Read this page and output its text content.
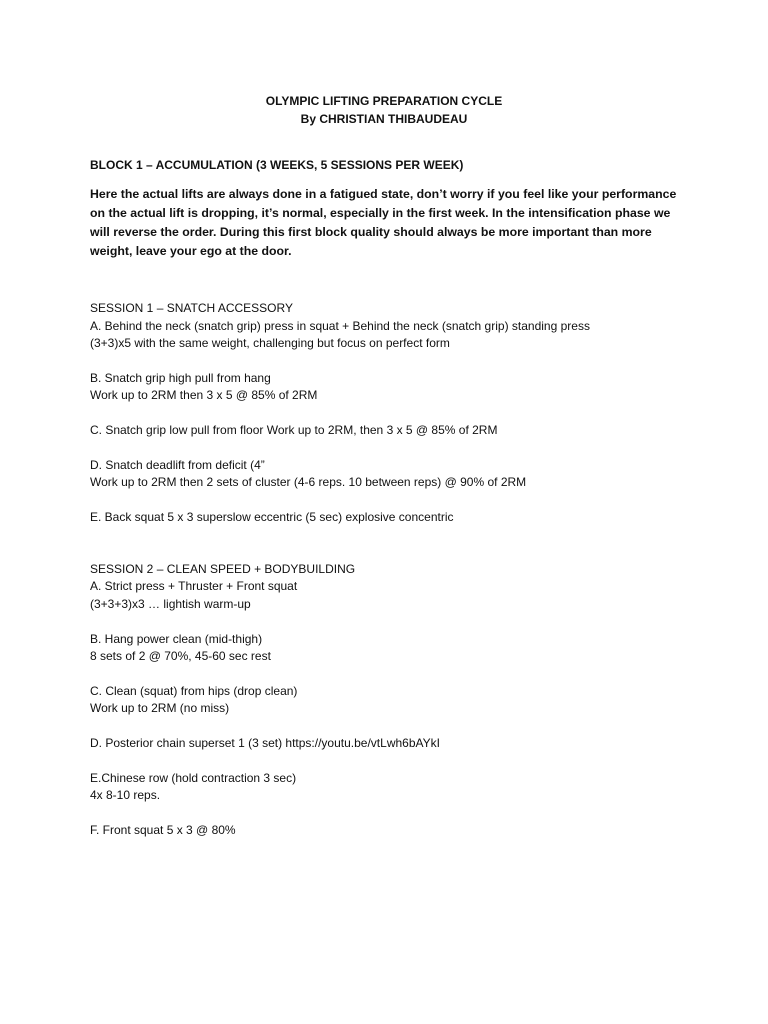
OLYMPIC LIFTING PREPARATION CYCLE
By CHRISTIAN THIBAUDEAU
BLOCK 1 – ACCUMULATION (3 WEEKS, 5 SESSIONS PER WEEK)
Here the actual lifts are always done in a fatigued state, don’t worry if you feel like your performance
on the actual lift is dropping, it’s normal, especially in the first week. In the intensification phase we
will reverse the order. During this first block quality should always be more important than more
weight, leave your ego at the door.
SESSION 1 – SNATCH ACCESSORY
A. Behind the neck (snatch grip) press in squat + Behind the neck (snatch grip) standing press
(3+3)x5 with the same weight, challenging but focus on perfect form
B. Snatch grip high pull from hang
Work up to 2RM then 3 x 5 @ 85% of 2RM
C. Snatch grip low pull from floor Work up to 2RM, then 3 x 5 @ 85% of 2RM
D. Snatch deadlift from deficit (4”
Work up to 2RM then 2 sets of cluster (4-6 reps. 10 between reps) @ 90% of 2RM
E. Back squat 5 x 3 superslow eccentric (5 sec) explosive concentric
SESSION 2 – CLEAN SPEED + BODYBUILDING
A. Strict press + Thruster + Front squat
(3+3+3)x3 … lightish warm-up
B. Hang power clean (mid-thigh)
8 sets of 2 @ 70%, 45-60 sec rest
C. Clean (squat) from hips (drop clean)
Work up to 2RM (no miss)
D. Posterior chain superset 1 (3 set) https://youtu.be/vtLwh6bAYkI
E.Chinese row (hold contraction 3 sec)
4x 8-10 reps.
F. Front squat 5 x 3 @ 80%
